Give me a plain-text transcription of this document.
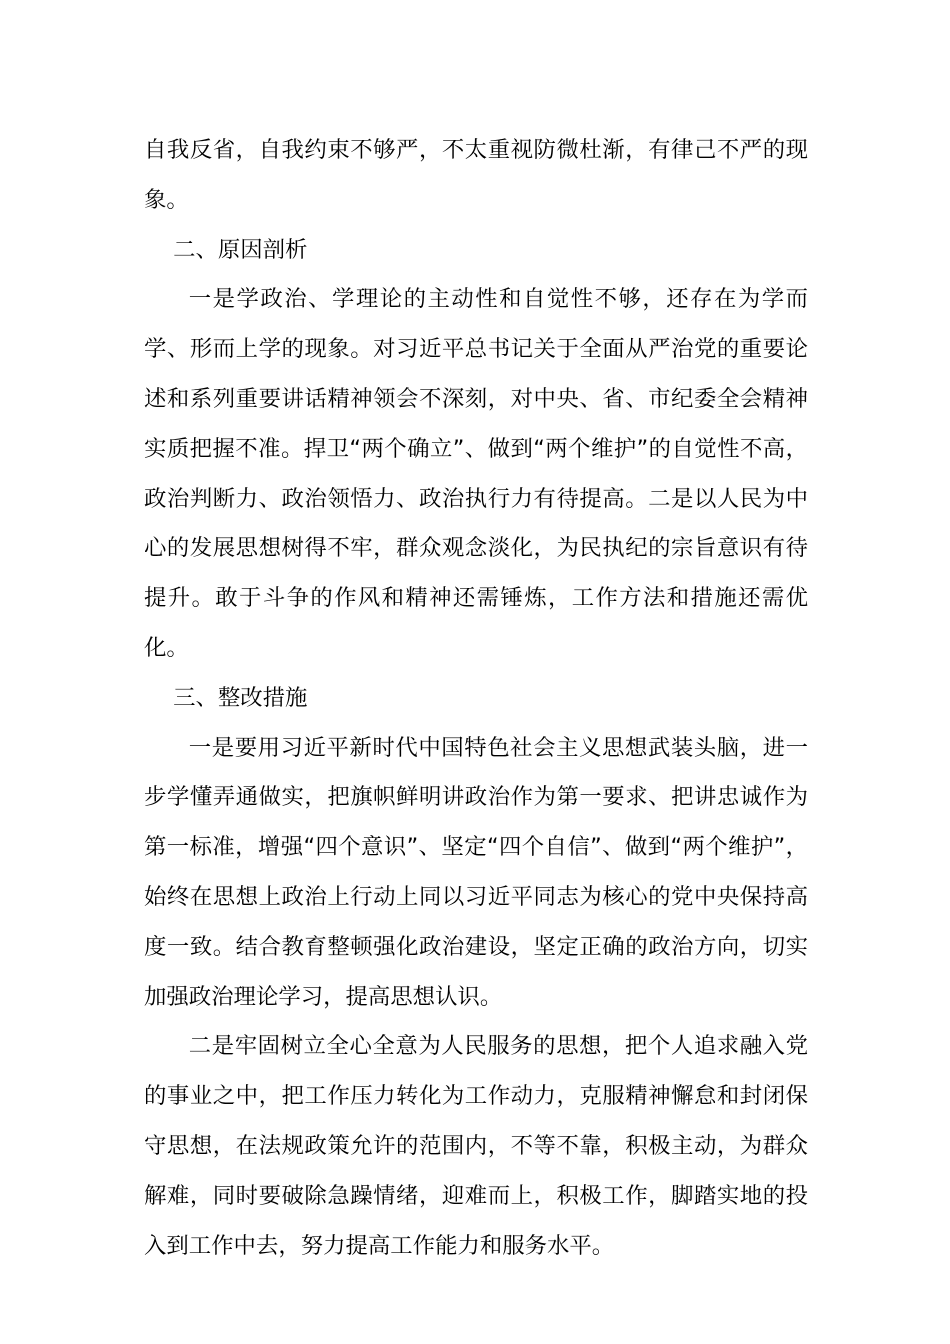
自我反省，自我约束不够严，不太重视防微杜渐，有律己不严的现象。

二、原因剖析

一是学政治、学理论的主动性和自觉性不够，还存在为学而学、形而上学的现象。对习近平总书记关于全面从严治党的重要论述和系列重要讲话精神领会不深刻，对中央、省、市纪委全会精神实质把握不准。捍卫“两个确立”、做到“两个维护”的自觉性不高，政治判断力、政治领悟力、政治执行力有待提高。二是以人民为中心的发展思想树得不牢，群众观念淡化，为民执纪的宗旨意识有待提升。敢于斗争的作风和精神还需锤炼，工作方法和措施还需优化。

三、整改措施

一是要用习近平新时代中国特色社会主义思想武装头脑，进一步学懂弄通做实，把旗帜鲜明讲政治作为第一要求、把讲忠诚作为第一标准，增强“四个意识”、坚定“四个自信”、做到“两个维护”，始终在思想上政治上行动上同以习近平同志为核心的党中央保持高度一致。结合教育整顿强化政治建设，坚定正确的政治方向，切实加强政治理论学习，提高思想认识。

二是牢固树立全心全意为人民服务的思想，把个人追求融入党的事业之中，把工作压力转化为工作动力，克服精神懈怠和封闭保守思想，在法规政策允许的范围内，不等不靠，积极主动，为群众解难，同时要破除急躁情绪，迎难而上，积极工作，脚踏实地的投入到工作中去，努力提高工作能力和服务水平。
